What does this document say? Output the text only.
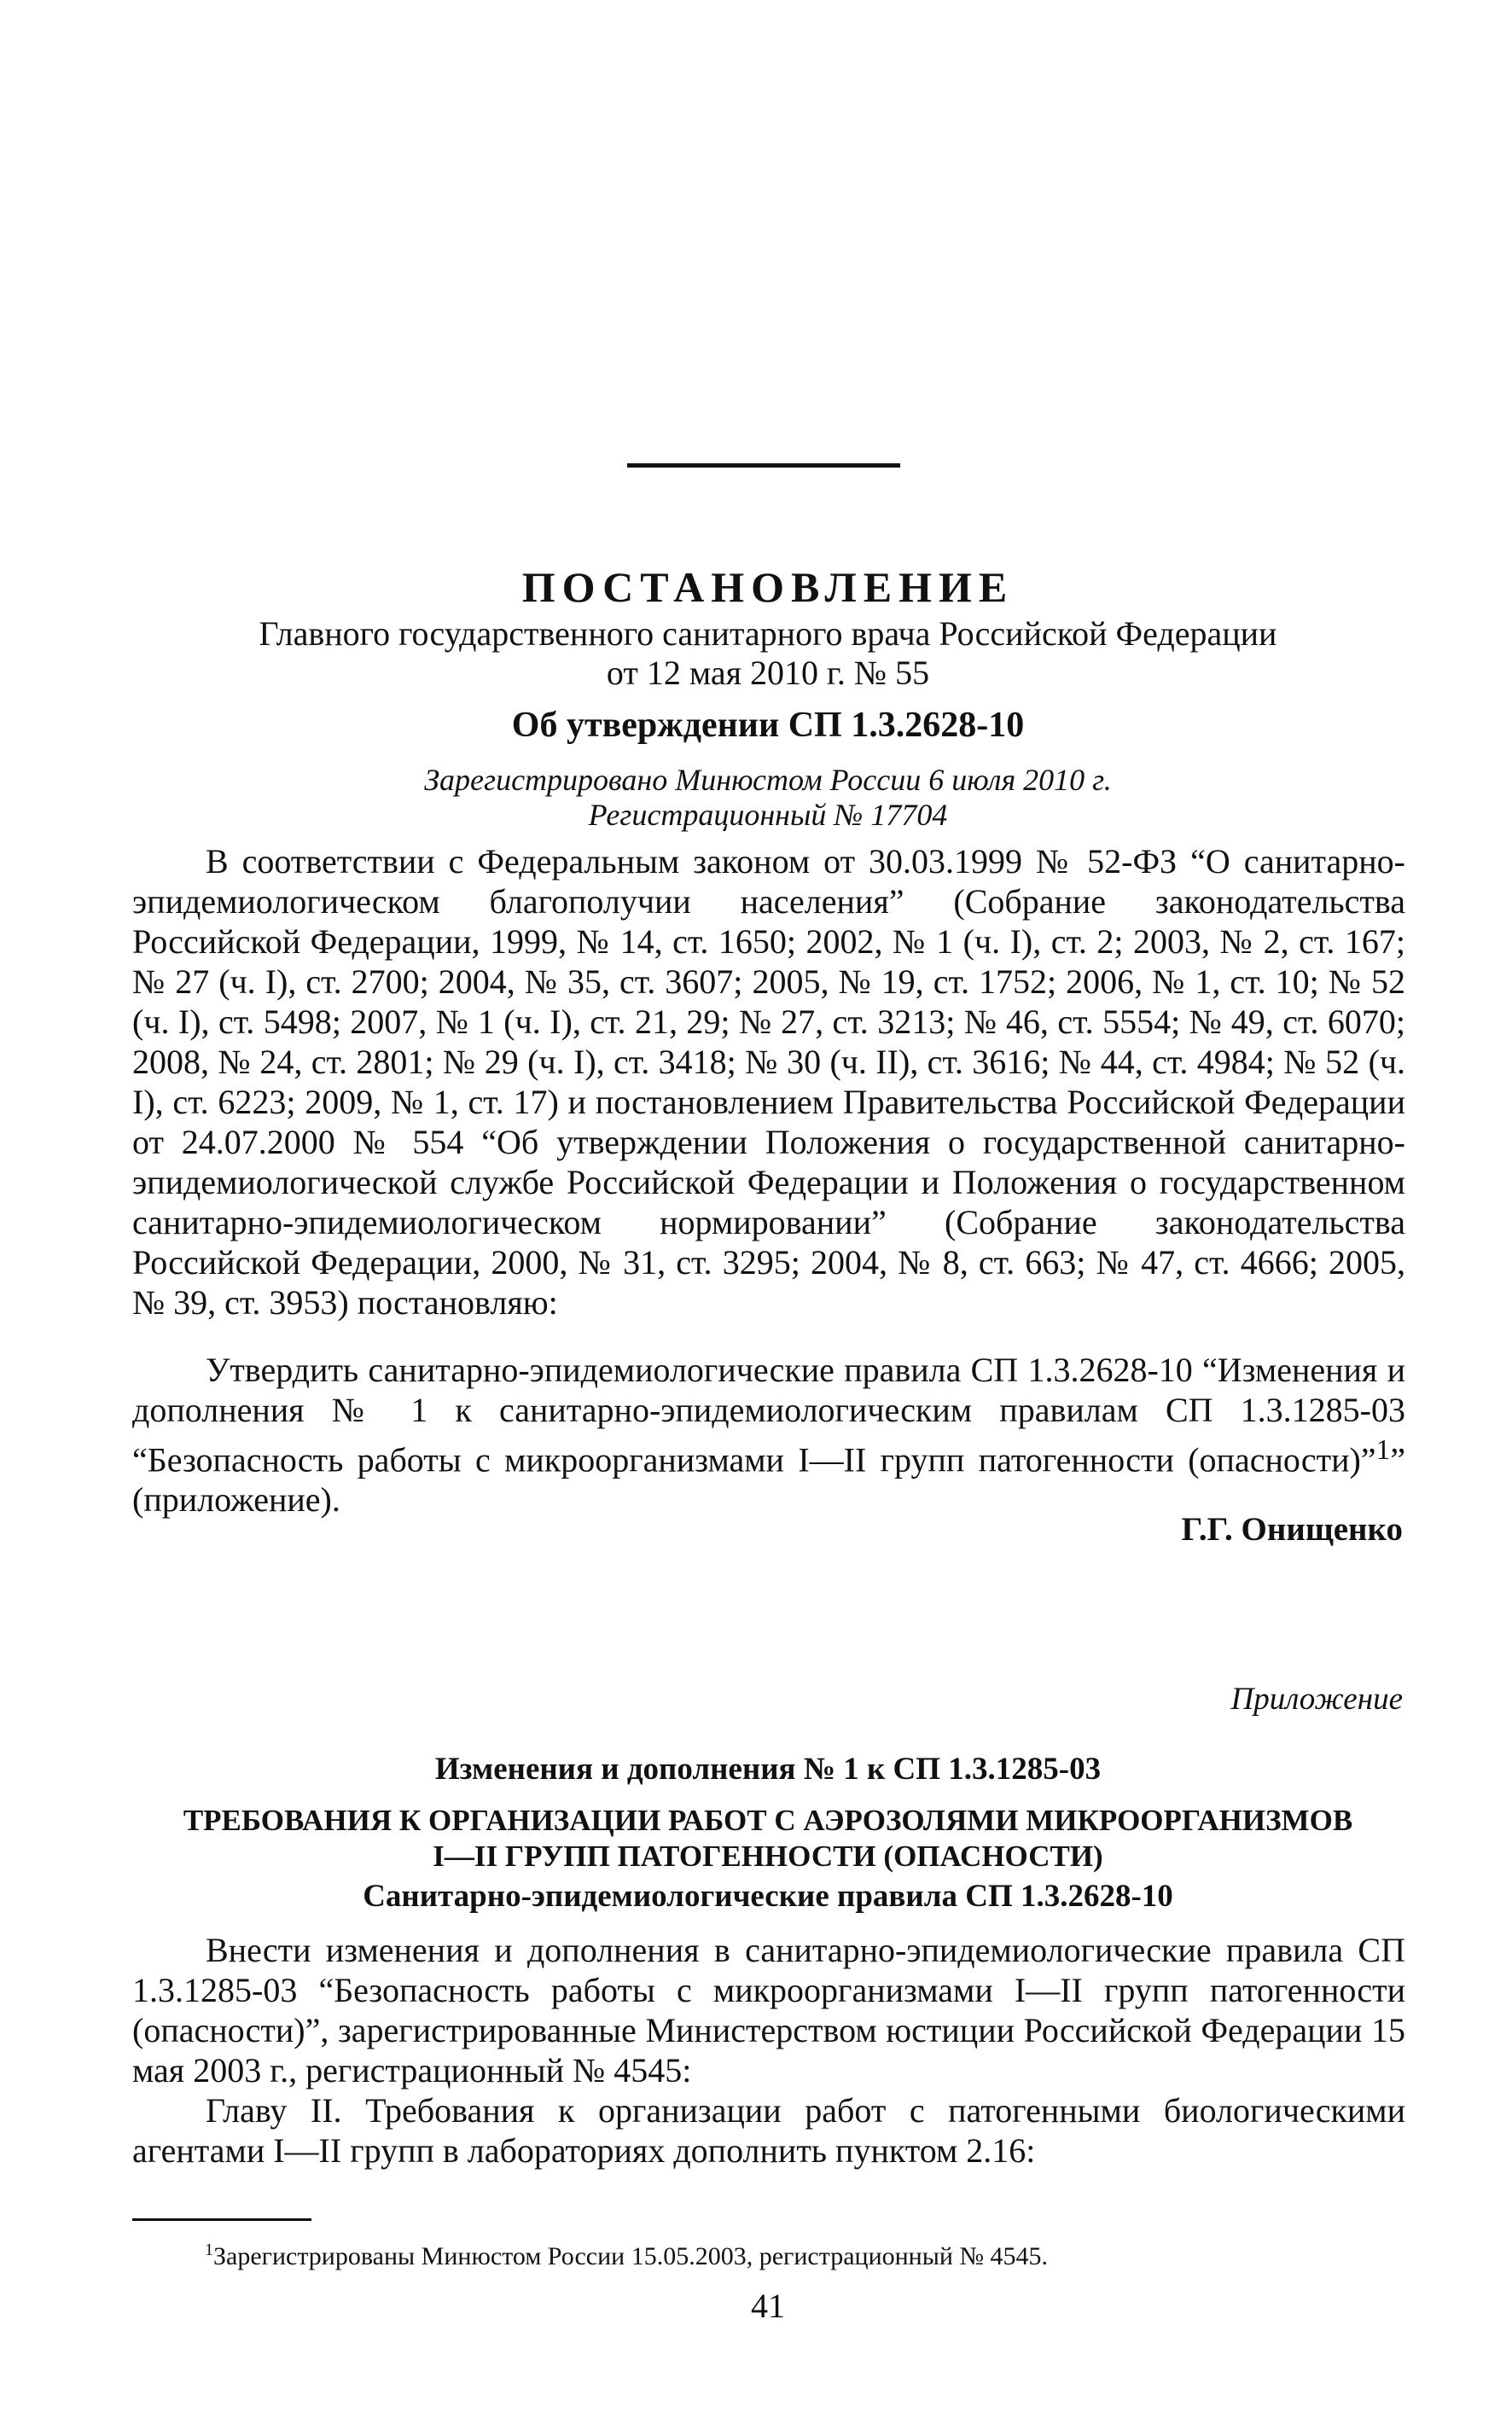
ПОСТАНОВЛЕНИЕ
Главного государственного санитарного врача Российской Федерации
от 12 мая 2010 г. № 55
Об утверждении СП 1.3.2628-10
Зарегистрировано Минюстом России 6 июля 2010 г.
Регистрационный № 17704
В соответствии с Федеральным законом от 30.03.1999 № 52-ФЗ “О санитарно-эпидемиологическом благополучии населения” (Собрание законодательства Российской Федерации, 1999, № 14, ст. 1650; 2002, № 1 (ч. I), ст. 2; 2003, № 2, ст. 167; № 27 (ч. I), ст. 2700; 2004, № 35, ст. 3607; 2005, № 19, ст. 1752; 2006, № 1, ст. 10; № 52 (ч. I), ст. 5498; 2007, № 1 (ч. I), ст. 21, 29; № 27, ст. 3213; № 46, ст. 5554; № 49, ст. 6070; 2008, № 24, ст. 2801; № 29 (ч. I), ст. 3418; № 30 (ч. II), ст. 3616; № 44, ст. 4984; № 52 (ч. I), ст. 6223; 2009, № 1, ст. 17) и постановлением Правительства Российской Федерации от 24.07.2000 № 554 “Об утверждении Положения о государственной санитарно-эпидемиологической службе Российской Федерации и Положения о государственном санитарно-эпидемиологическом нормировании” (Собрание законодательства Российской Федерации, 2000, № 31, ст. 3295; 2004, № 8, ст. 663; № 47, ст. 4666; 2005, № 39, ст. 3953) постановляю:
Утвердить санитарно-эпидемиологические правила СП 1.3.2628-10 “Изменения и дополнения № 1 к санитарно-эпидемиологическим правилам СП 1.3.1285-03 “Безопасность работы с микроорганизмами I—II групп патогенности (опасности)”$^1$” (приложение).
Г.Г. Онищенко
Приложение
Изменения и дополнения № 1 к СП 1.3.1285-03
ТРЕБОВАНИЯ К ОРГАНИЗАЦИИ РАБОТ С АЭРОЗОЛЯМИ МИКРООРГАНИЗМОВ
I—II ГРУПП ПАТОГЕННОСТИ (ОПАСНОСТИ)
Санитарно-эпидемиологические правила СП 1.3.2628-10
Внести изменения и дополнения в санитарно-эпидемиологические правила СП 1.3.1285-03 “Безопасность работы с микроорганизмами I—II групп патогенности (опасности)”, зарегистрированные Министерством юстиции Российской Федерации 15 мая 2003 г., регистрационный № 4545:
Главу II. Требования к организации работ с патогенными биологическими агентами I—II групп в лабораториях дополнить пунктом 2.16:
$^1$Зарегистрированы Минюстом России 15.05.2003, регистрационный № 4545.
41
